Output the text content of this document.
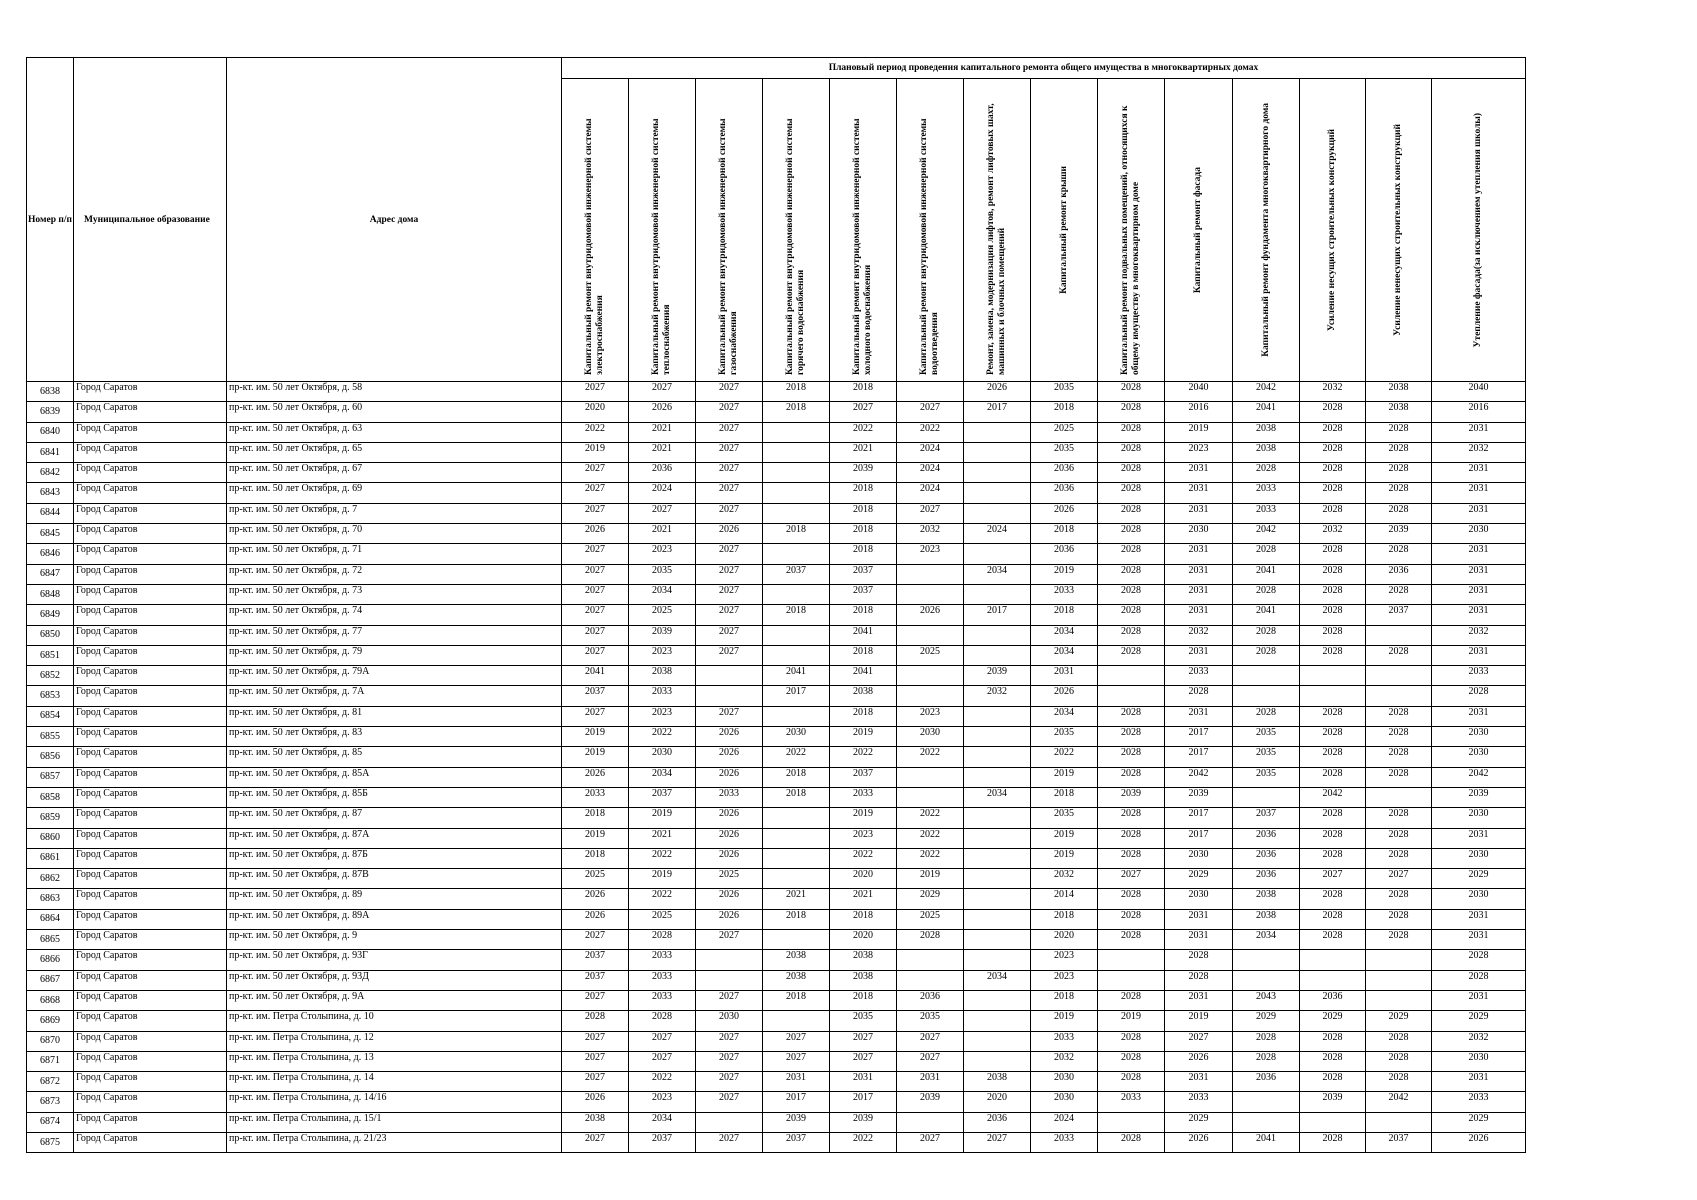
Номер п/п	Муниципальное образование	Адрес дома	Плановый период проведения капитального ремонта общего имущества в многоквартирных домах													

			Капитальный ремонт внутридомовой инженерной системы электроснабжения	Капитальный ремонт внутридомовой инженерной системы теплоснабжения	Капитальный ремонт внутридомовой инженерной системы газоснабжения	Капитальный ремонт внутридомовой инженерной системы горячего водоснабжения	Капитальный ремонт внутридомовой инженерной системы холодного водоснабжения	Капитальный ремонт внутридомовой инженерной системы водоотведения	Ремонт, замена, модернизация лифтов, ремонт лифтовых шахт, машинных и блочных помещений	Капитальный ремонт крыши	Капитальный ремонт подвальных помещений, относящихся к общему имуществу в многоквартирном доме	Капитальный ремонт фасада	Капитальный ремонт фундамента многоквартирного дома	Усиление несущих строительных конструкций	Усиление ненесущих строительных конструкций	Утепление фасада(за исключением утепления школы)

6838	Город Саратов	пр-кт. им. 50 лет Октября, д. 58	2027	2027	2027	2018	2018		2026	2035	2028	2040	2042	2032	2038	2040
6839	Город Саратов	пр-кт. им. 50 лет Октября, д. 60	2020	2026	2027	2018	2027	2027	2017	2018	2028	2016	2041	2028	2038	2016
6840	Город Саратов	пр-кт. им. 50 лет Октября, д. 63	2022	2021	2027		2022	2022		2025	2028	2019	2038	2028	2028	2031
6841	Город Саратов	пр-кт. им. 50 лет Октября, д. 65	2019	2021	2027		2021	2024		2035	2028	2023	2038	2028	2028	2032
6842	Город Саратов	пр-кт. им. 50 лет Октября, д. 67	2027	2036	2027		2039	2024		2036	2028	2031	2028	2028	2028	2031
6843	Город Саратов	пр-кт. им. 50 лет Октября, д. 69	2027	2024	2027		2018	2024		2036	2028	2031	2033	2028	2028	2031
6844	Город Саратов	пр-кт. им. 50 лет Октября, д. 7	2027	2027	2027		2018	2027		2026	2028	2031	2033	2028	2028	2031
6845	Город Саратов	пр-кт. им. 50 лет Октября, д. 70	2026	2021	2026	2018	2018	2032	2024	2018	2028	2030	2042	2032	2039	2030
6846	Город Саратов	пр-кт. им. 50 лет Октября, д. 71	2027	2023	2027		2018	2023		2036	2028	2031	2028	2028	2028	2031
6847	Город Саратов	пр-кт. им. 50 лет Октября, д. 72	2027	2035	2027	2037	2037		2034	2019	2028	2031	2041	2028	2036	2031
6848	Город Саратов	пр-кт. им. 50 лет Октября, д. 73	2027	2034	2027		2037			2033	2028	2031	2028	2028	2028	2031
6849	Город Саратов	пр-кт. им. 50 лет Октября, д. 74	2027	2025	2027	2018	2018	2026	2017	2018	2028	2031	2041	2028	2037	2031
6850	Город Саратов	пр-кт. им. 50 лет Октября, д. 77	2027	2039	2027		2041			2034	2028	2032	2028	2028		2032
6851	Город Саратов	пр-кт. им. 50 лет Октября, д. 79	2027	2023	2027		2018	2025		2034	2028	2031	2028	2028	2028	2031
6852	Город Саратов	пр-кт. им. 50 лет Октября, д. 79А	2041	2038		2041	2041		2039	2031		2033				2033
6853	Город Саратов	пр-кт. им. 50 лет Октября, д. 7А	2037	2033		2017	2038		2032	2026		2028				2028
6854	Город Саратов	пр-кт. им. 50 лет Октября, д. 81	2027	2023	2027		2018	2023		2034	2028	2031	2028	2028	2028	2031
6855	Город Саратов	пр-кт. им. 50 лет Октября, д. 83	2019	2022	2026	2030	2019	2030		2035	2028	2017	2035	2028	2028	2030
6856	Город Саратов	пр-кт. им. 50 лет Октября, д. 85	2019	2030	2026	2022	2022	2022		2022	2028	2017	2035	2028	2028	2030
6857	Город Саратов	пр-кт. им. 50 лет Октября, д. 85А	2026	2034	2026	2018	2037			2019	2028	2042	2035	2028	2028	2042
6858	Город Саратов	пр-кт. им. 50 лет Октября, д. 85Б	2033	2037	2033	2018	2033		2034	2018	2039	2039		2042		2039
6859	Город Саратов	пр-кт. им. 50 лет Октября, д. 87	2018	2019	2026		2019	2022		2035	2028	2017	2037	2028	2028	2030
6860	Город Саратов	пр-кт. им. 50 лет Октября, д. 87А	2019	2021	2026		2023	2022		2019	2028	2017	2036	2028	2028	2031
6861	Город Саратов	пр-кт. им. 50 лет Октября, д. 87Б	2018	2022	2026		2022	2022		2019	2028	2030	2036	2028	2028	2030
6862	Город Саратов	пр-кт. им. 50 лет Октября, д. 87В	2025	2019	2025		2020	2019		2032	2027	2029	2036	2027	2027	2029
6863	Город Саратов	пр-кт. им. 50 лет Октября, д. 89	2026	2022	2026	2021	2021	2029		2014	2028	2030	2038	2028	2028	2030
6864	Город Саратов	пр-кт. им. 50 лет Октября, д. 89А	2026	2025	2026	2018	2018	2025		2018	2028	2031	2038	2028	2028	2031
6865	Город Саратов	пр-кт. им. 50 лет Октября, д. 9	2027	2028	2027		2020	2028		2020	2028	2031	2034	2028	2028	2031
6866	Город Саратов	пр-кт. им. 50 лет Октября, д. 93Г	2037	2033		2038	2038			2023		2028				2028
6867	Город Саратов	пр-кт. им. 50 лет Октября, д. 93Д	2037	2033		2038	2038		2034	2023		2028				2028
6868	Город Саратов	пр-кт. им. 50 лет Октября, д. 9А	2027	2033	2027	2018	2018	2036		2018	2028	2031	2043	2036		2031
6869	Город Саратов	пр-кт. им. Петра Столыпина, д. 10	2028	2028	2030		2035	2035		2019	2019	2019	2029	2029	2029	2029
6870	Город Саратов	пр-кт. им. Петра Столыпина, д. 12	2027	2027	2027	2027	2027	2027		2033	2028	2027	2028	2028	2028	2032
6871	Город Саратов	пр-кт. им. Петра Столыпина, д. 13	2027	2027	2027	2027	2027	2027		2032	2028	2026	2028	2028	2028	2030
6872	Город Саратов	пр-кт. им. Петра Столыпина, д. 14	2027	2022	2027	2031	2031	2031	2038	2030	2028	2031	2036	2028	2028	2031
6873	Город Саратов	пр-кт. им. Петра Столыпина, д. 14/16	2026	2023	2027	2017	2017	2039	2020	2030	2033	2033		2039	2042	2033
6874	Город Саратов	пр-кт. им. Петра Столыпина, д. 15/1	2038	2034		2039	2039		2036	2024		2029				2029
6875	Город Саратов	пр-кт. им. Петра Столыпина, д. 21/23	2027	2037	2027	2037	2022	2027	2027	2033	2028	2026	2041	2028	2037	2026
